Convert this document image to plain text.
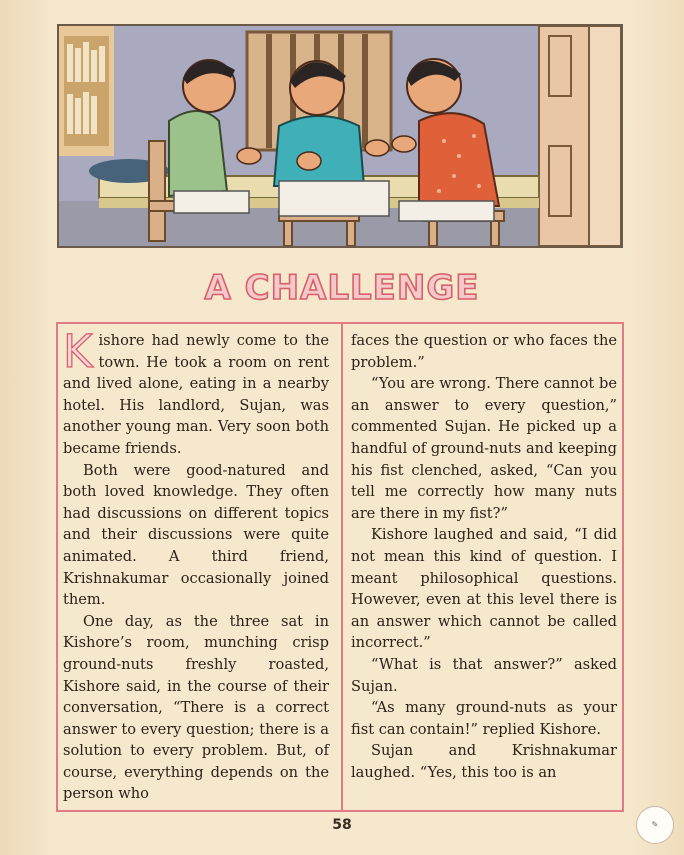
A CHALLENGE

Kishore had newly come to the town. He took a room on rent and lived alone, eating in a nearby hotel. His landlord, Sujan, was another young man. Very soon both became friends.

Both were good-natured and both loved knowledge. They often had discussions on different topics and their discussions were quite animated. A third friend, Krishnakumar occasionally joined them.

One day, as the three sat in Kishore’s room, munching crisp ground-nuts freshly roasted, Kishore said, in the course of their conversation, “There is a correct answer to every question; there is a solution to every problem. But, of course, everything depends on the person who

faces the question or who faces the problem.”

“You are wrong. There cannot be an answer to every question,” commented Sujan. He picked up a handful of ground-nuts and keeping his fist clenched, asked, “Can you tell me correctly how many nuts are there in my fist?”

Kishore laughed and said, “I did not mean this kind of question. I meant philosophical questions. However, even at this level there is an answer which cannot be called incorrect.”

“What is that answer?” asked Sujan.

“As many ground-nuts as your fist can contain!” replied Kishore.

Sujan and Krishnakumar laughed. “Yes, this too is an

58	✎
